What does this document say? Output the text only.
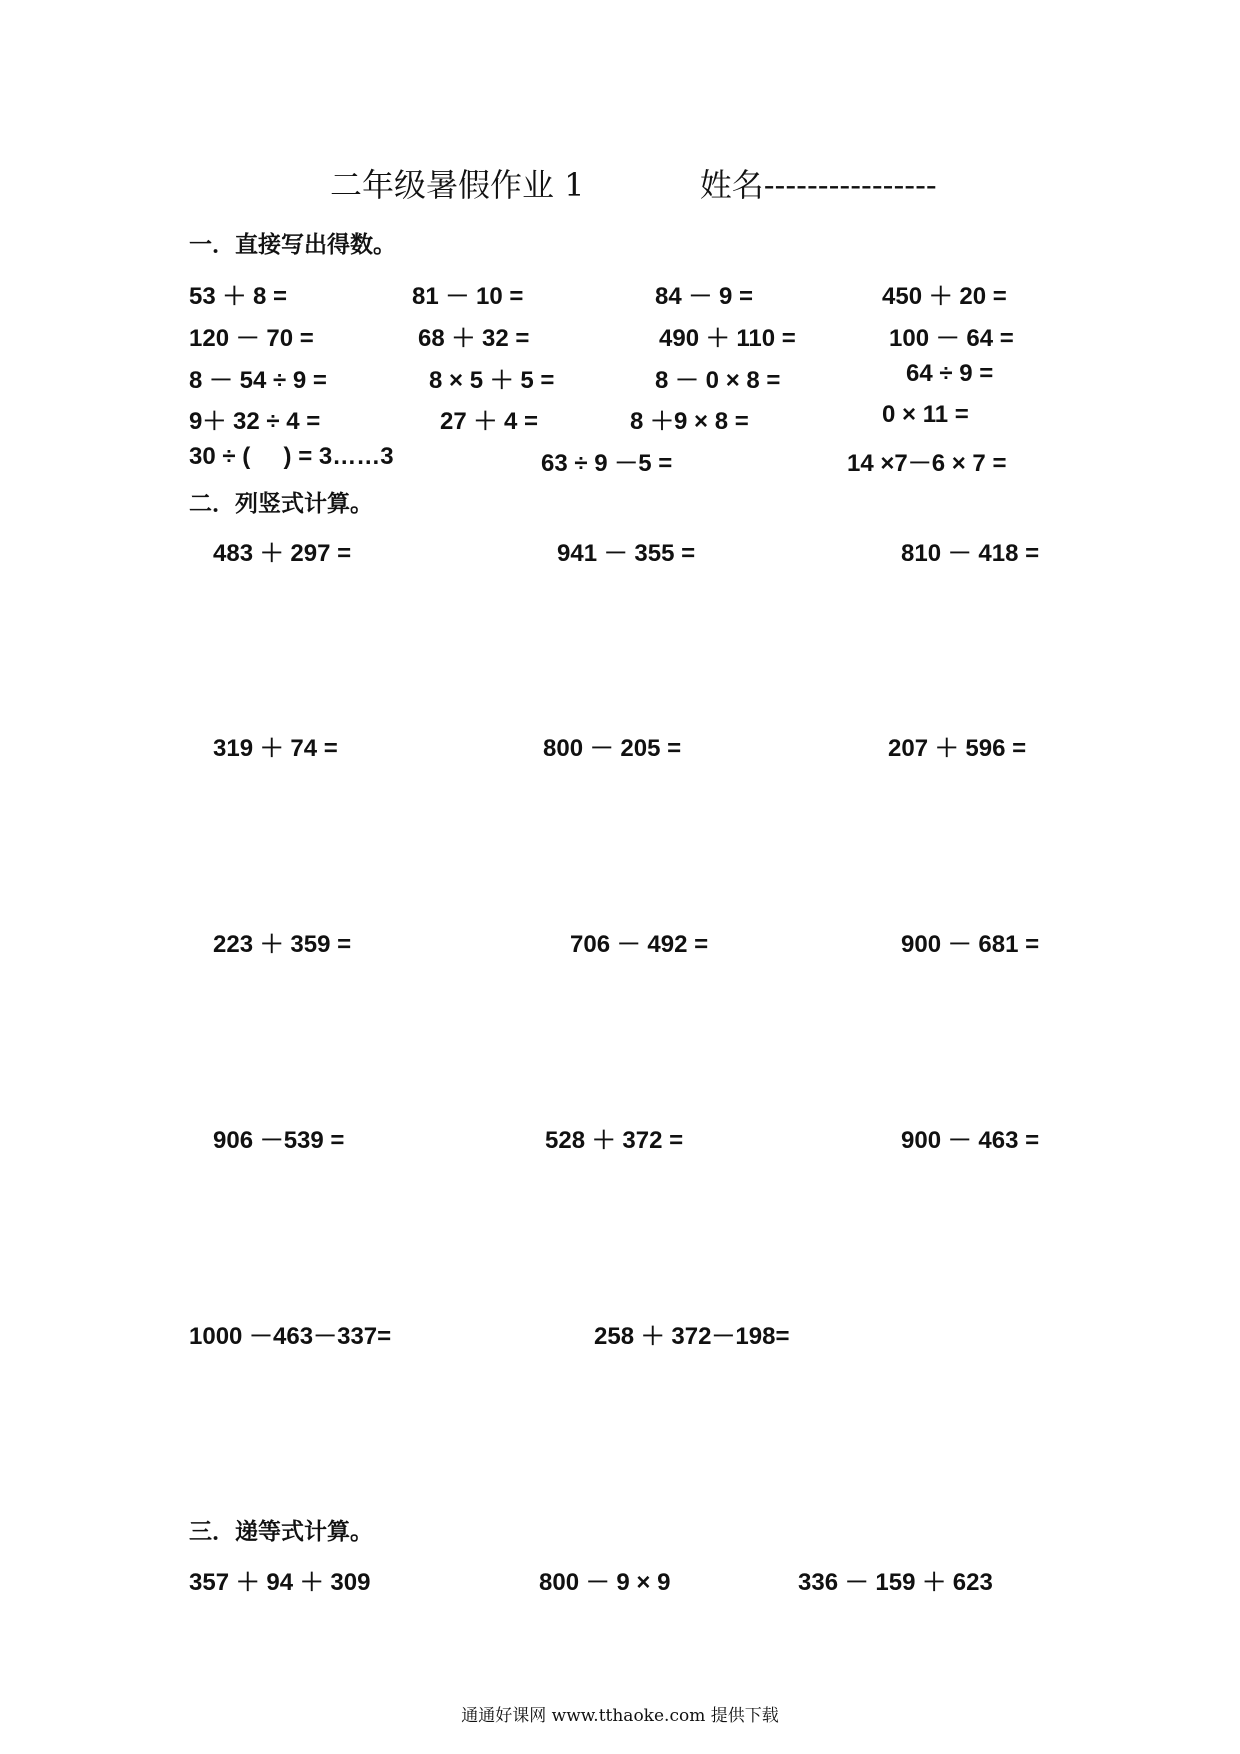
二年级暑假作业 1	姓名----------------
一．直接写出得数。
53 ＋ 8 =	81 － 10 =	84 － 9 =	450 ＋ 20 =
120 － 70 =	68 ＋ 32 =	490 ＋ 110 =	100 － 64 =
8 － 54 ÷ 9 =	8 × 5 ＋ 5 =	8 － 0 × 8 =	64 ÷ 9 =
9＋ 32 ÷ 4 =	27 ＋ 4 =	8 ＋9 × 8 =	0 × 11 =
30 ÷ (     ) = 3……3	63 ÷ 9 －5 =	14 ×7－6 × 7 =
二．列竖式计算。
483 ＋ 297 =	941 － 355 =	810 － 418 =
319 ＋ 74 =	800 － 205 =	207 ＋ 596 =
223 ＋ 359 =	706 － 492 =	900 － 681 =
906 －539 =	528 ＋ 372 =	900 － 463 =
1000 －463－337=	258 ＋ 372－198=
三．递等式计算。
357 ＋ 94 ＋ 309	800 － 9 × 9	336 － 159 ＋ 623
通通好课网 www.tthaoke.com 提供下载
